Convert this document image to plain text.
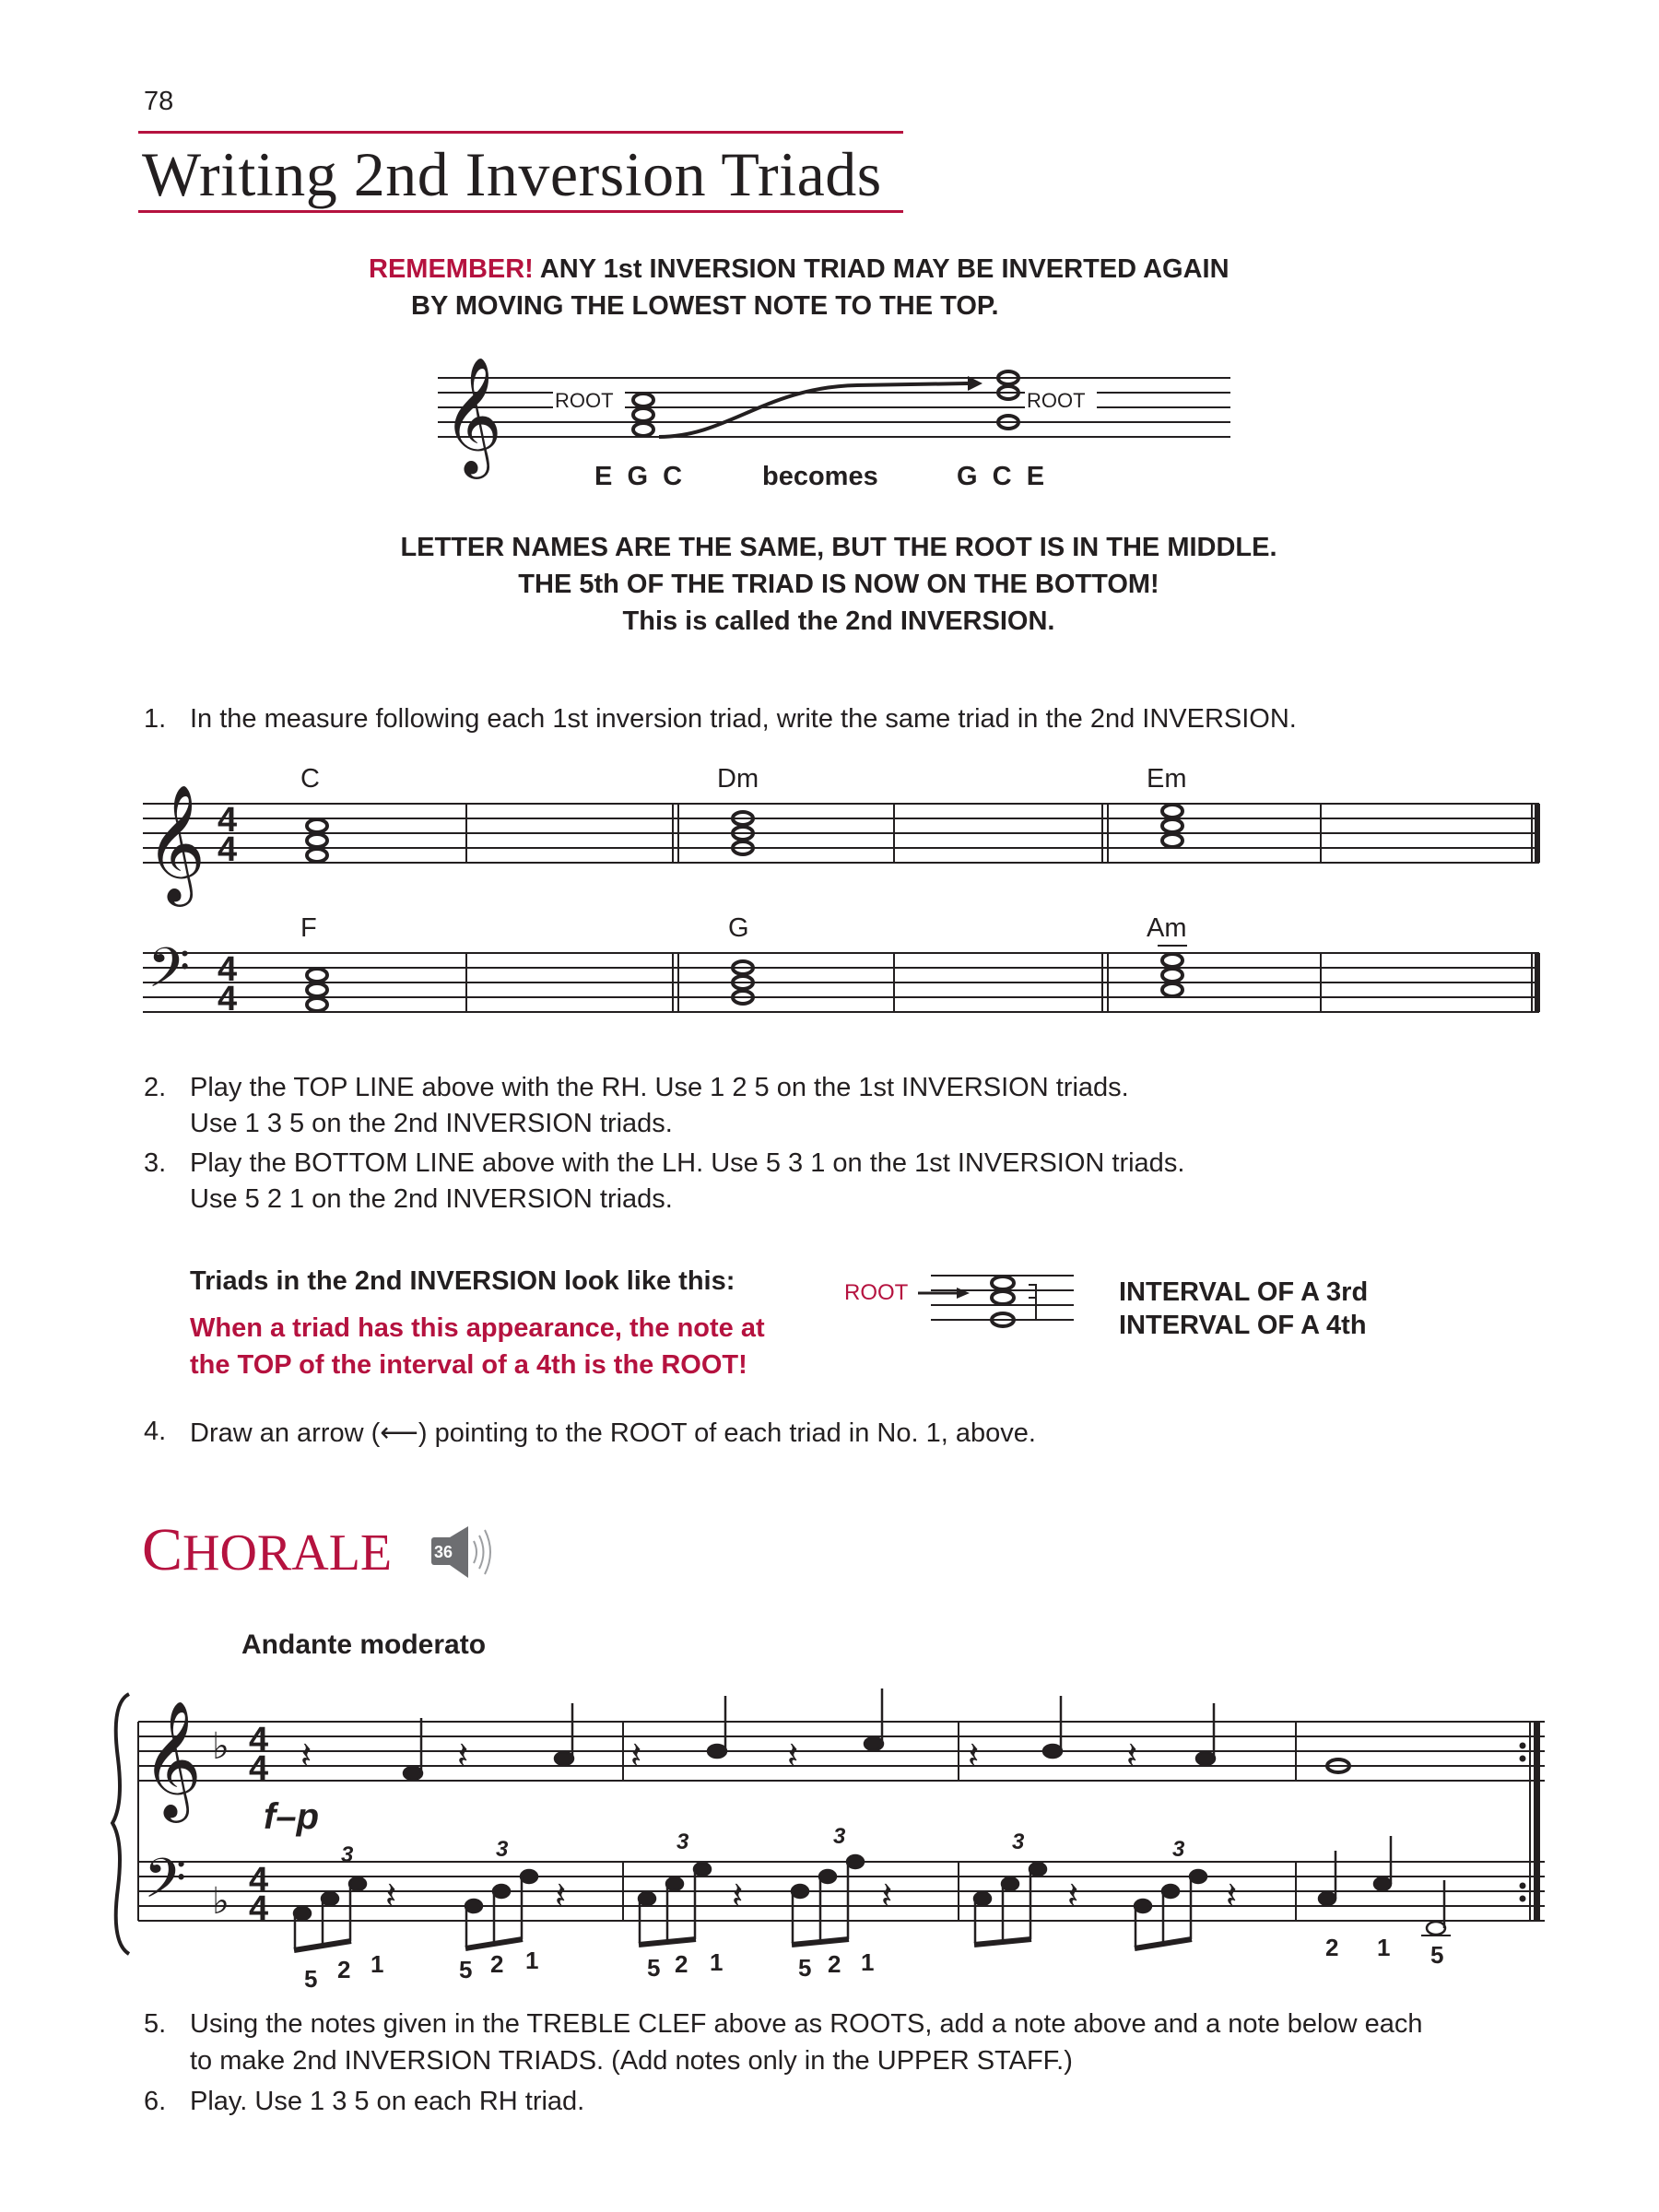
78
Writing 2nd Inversion Triads
REMEMBER! ANY 1st INVERSION TRIAD MAY BE INVERTED AGAIN
BY MOVING THE LOWEST NOTE TO THE TOP.
𝄞	ROOT	ROOT
E  G  C	becomes	G  C  E
LETTER NAMES ARE THE SAME, BUT THE ROOT IS IN THE MIDDLE.
THE 5th OF THE TRIAD IS NOW ON THE BOTTOM!
This is called the 2nd INVERSION.
1. In the measure following each 1st inversion triad, write the same triad in the 2nd INVERSION.
𝄞 4
4
C	Dm	Em
𝄢 4
4
F	G	Am
2. Play the TOP LINE above with the RH. Use 1 2 5 on the 1st INVERSION triads.
Use 1 3 5 on the 2nd INVERSION triads.
3. Play the BOTTOM LINE above with the LH. Use 5 3 1 on the 1st INVERSION triads.
Use 5 2 1 on the 2nd INVERSION triads.
Triads in the 2nd INVERSION look like this:
When a triad has this appearance, the note at
the TOP of the interval of a 4th is the ROOT!
ROOT	INTERVAL OF A 3rd
INTERVAL OF A 4th
4. Draw an arrow (⟵) pointing to the ROOT of each triad in No. 1, above.
CHORALE	36
Andante moderato
𝄞 ♭ 4
4
𝄢 ♭
4
4
f–p
𝄽	𝄽	𝄽	𝄽	𝄽	𝄽
3	3	3	3	3	3
𝄽	𝄽	𝄽	𝄽	𝄽	𝄽
5 2 1	5 2 1	5 2 1	5 2 1
2 1 5
5. Using the notes given in the TREBLE CLEF above as ROOTS, add a note above and a note below each
to make 2nd INVERSION TRIADS. (Add notes only in the UPPER STAFF.)
6. Play. Use 1 3 5 on each RH triad.
